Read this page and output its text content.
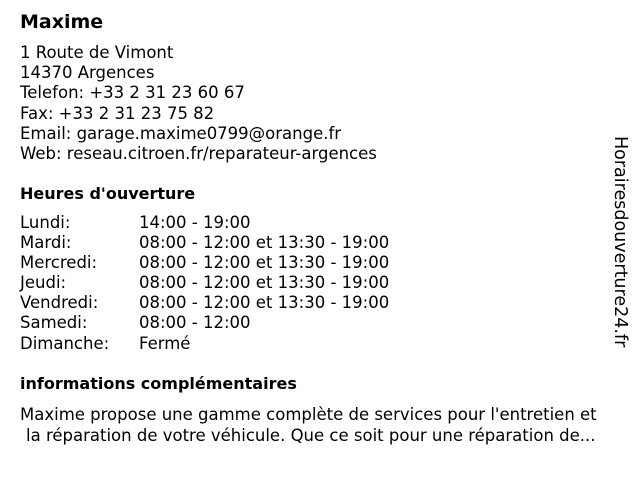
Maxime
1 Route de Vimont
14370 Argences
Telefon: +33 2 31 23 60 67
Fax: +33 2 31 23 75 82
Email: garage.maxime0799@orange.fr
Web: reseau.citroen.fr/reparateur-argences
Heures d'ouverture
Lundi:	14:00 - 19:00
Mardi:	08:00 - 12:00 et 13:30 - 19:00
Mercredi:	08:00 - 12:00 et 13:30 - 19:00
Jeudi:	08:00 - 12:00 et 13:30 - 19:00
Vendredi:	08:00 - 12:00 et 13:30 - 19:00
Samedi:	08:00 - 12:00
Dimanche:	Fermé
informations complémentaires
Maxime propose une gamme complète de services pour l'entretien et
la réparation de votre véhicule. Que ce soit pour une réparation de...
Horairesdouverture24.fr
